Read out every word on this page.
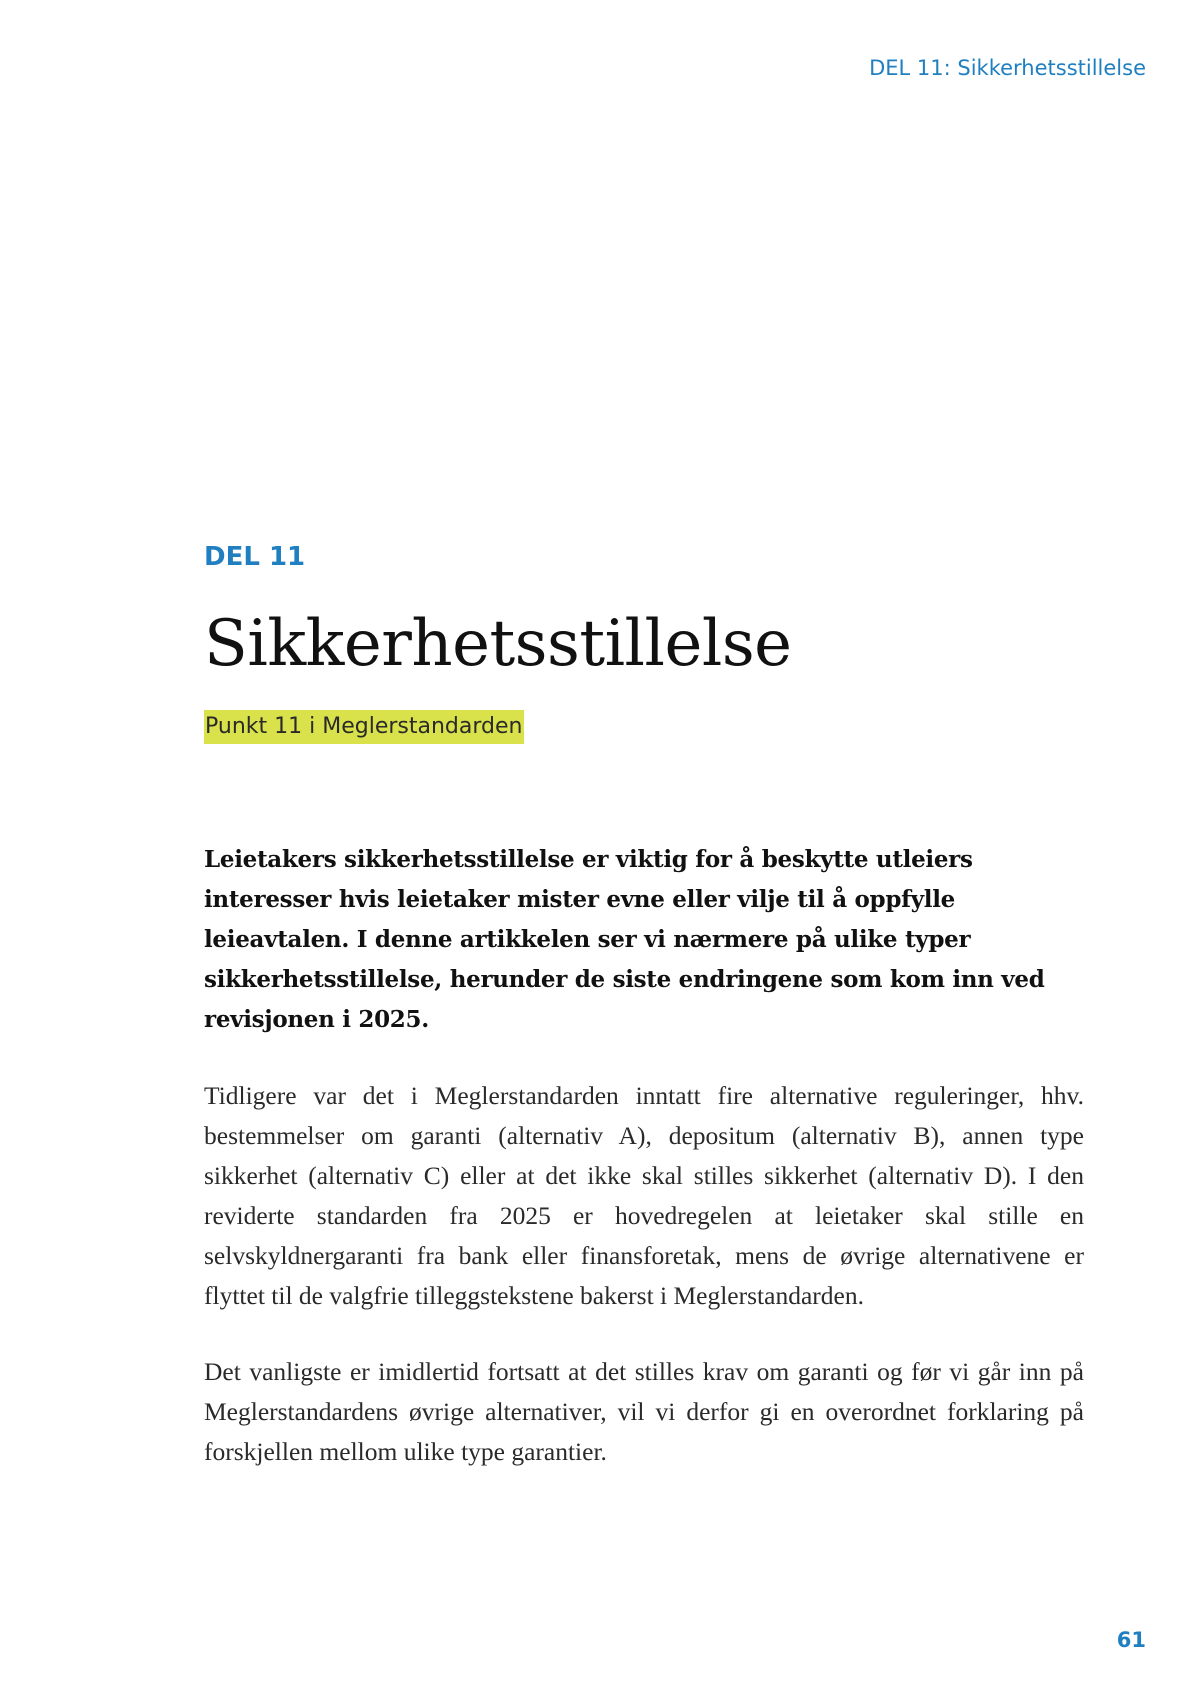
DEL 11: Sikkerhetsstillelse

DEL 11

Sikkerhetsstillelse
Punkt 11 i Meglerstandarden

Leietakers sikkerhetsstillelse er viktig for å beskytte utleiers interesser hvis leietaker mister evne eller vilje til å oppfylle leieavtalen. I denne artikkelen ser vi nærmere på ulike typer sikkerhetsstillelse, herunder de siste endringene som kom inn ved revisjonen i 2025.

Tidligere var det i Meglerstandarden inntatt fire alternative reguleringer, hhv. bestemmelser om garanti (alternativ A), depositum (alternativ B), annen type sikkerhet (alternativ C) eller at det ikke skal stilles sikkerhet (alternativ D). I den reviderte standarden fra 2025 er hovedregelen at leietaker skal stille en selvskyldnergaranti fra bank eller finansforetak, mens de øvrige alternativene er flyttet til de valgfrie tilleggstekstene bakerst i Meglerstandarden.

Det vanligste er imidlertid fortsatt at det stilles krav om garanti og før vi går inn på Meglerstandardens øvrige alternativer, vil vi derfor gi en overordnet forklaring på forskjellen mellom ulike type garantier.

61
